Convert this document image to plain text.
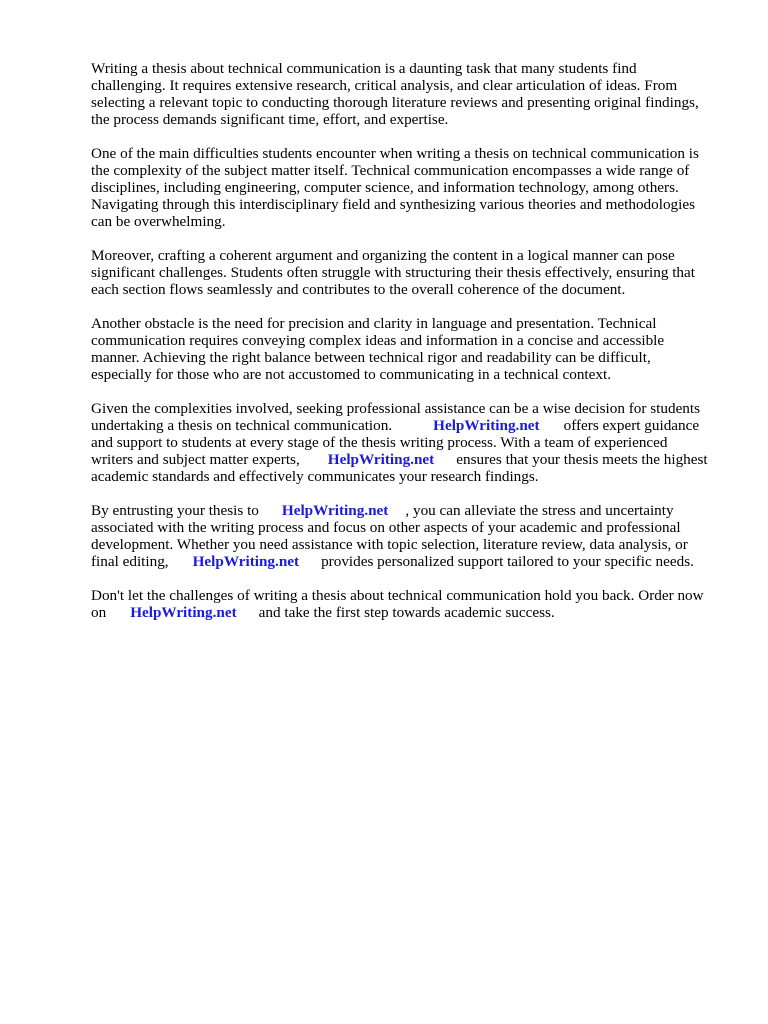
Writing a thesis about technical communication is a daunting task that many students find
challenging. It requires extensive research, critical analysis, and clear articulation of ideas. From
selecting a relevant topic to conducting thorough literature reviews and presenting original findings,
the process demands significant time, effort, and expertise.

One of the main difficulties students encounter when writing a thesis on technical communication is
the complexity of the subject matter itself. Technical communication encompasses a wide range of
disciplines, including engineering, computer science, and information technology, among others.
Navigating through this interdisciplinary field and synthesizing various theories and methodologies
can be overwhelming.

Moreover, crafting a coherent argument and organizing the content in a logical manner can pose
significant challenges. Students often struggle with structuring their thesis effectively, ensuring that
each section flows seamlessly and contributes to the overall coherence of the document.

Another obstacle is the need for precision and clarity in language and presentation. Technical
communication requires conveying complex ideas and information in a concise and accessible
manner. Achieving the right balance between technical rigor and readability can be difficult,
especially for those who are not accustomed to communicating in a technical context.

Given the complexities involved, seeking professional assistance can be a wise decision for students
undertaking a thesis on technical communication.	HelpWriting.net offers expert guidance
and support to students at every stage of the thesis writing process. With a team of experienced
writers and subject matter experts, HelpWriting.net ensures that your thesis meets the highest
academic standards and effectively communicates your research findings.

By entrusting your thesis to HelpWriting.net , you can alleviate the stress and uncertainty
associated with the writing process and focus on other aspects of your academic and professional
development. Whether you need assistance with topic selection, literature review, data analysis, or
final editing, HelpWriting.net provides personalized support tailored to your specific needs.

Don't let the challenges of writing a thesis about technical communication hold you back. Order now
on HelpWriting.net and take the first step towards academic success.
